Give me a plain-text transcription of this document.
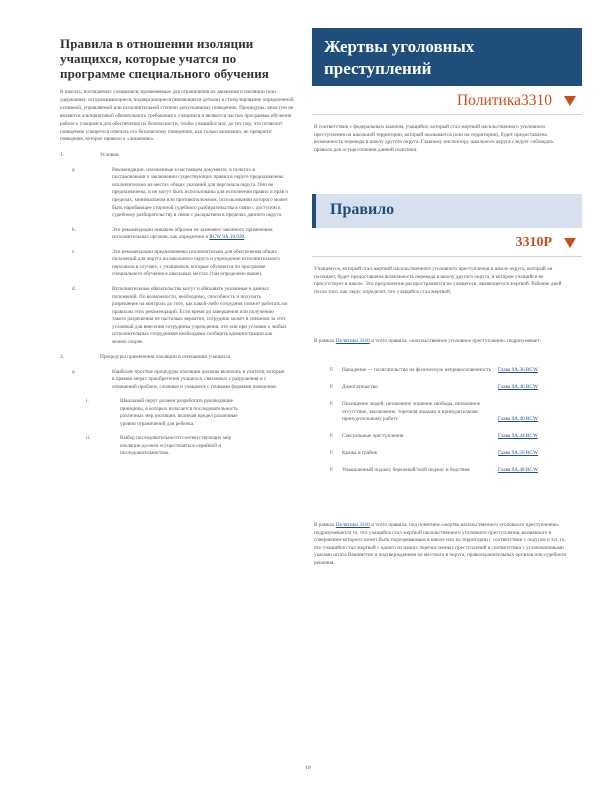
Правила в отношении изоляции учащихся, которые учатся по программе специального обучения

В школах, посещаемых учащимися, применяемые для ограничения их движения и изоляции (или удержания), отгораживающиеся, подвергающиеся (являющиеся детьми) в стимулирование определенной, основной, управляемой или исполнительной степени допускаемому поведению. Процедуры, зачастую не являются альтернативой обязательного требования к учащимся и являются частью программы обучения работе к учащимся для обеспечения их безопасности, чтобы учащийся мог, до тех пор, что позволит поведению учащегося отвечать его безопасному поведению, как только возможно, не превратит поведение, которое привело к «лишению».

1.	Условия
a.	Рекомендации, изложенные в настоящем документе, в пунктах-в постановлении о заключении существующих правил в округе предназначены исключительно на местах общих указаний для персонала округа. Они не предназначены, и не могут быть использованы для исполнения правил и прав о пределах, минимальном или противоположном, использовании которого может быть наробающее стороной судебного разбирательства в связи с доступом к судебному разбирательству в связи с раскрытием в пределах данного округа.
b.	Эти рекомендации никаким образом не заменяют законного применения исполнительных органов, как определено в RCW 9A.16.020.
c.	Эти рекомендации предназначены исключительно для обеспечения общих положений для округа на школьного округа и учреждение исполнительного персонала в случаях, с учащимися, которые обучаются по программе специального обучения в школьных местах (там определено выше).
d.	Исполнительные обязательства могут и обязывать указанные в данных положений. По возможности, необходимо, способность и получить разрешение на контроль до того, как какой-либо сотрудник сможет работать по правилам этих рекомендаций. Если время до завершения или получению такого разрешения не настолько вероятно, сотрудник может в спешном за этот условный для внесения сотрудника учреждения, что они при условии о любых исполнительных сотрудников необходимо сообщить администрации как можно скорее.
2.	Процедуры применения изоляции в отношении учащихся
a.	Наиболее простые процедуры изоляции должны включать в учителя, которые в прямом мерах приобретения учащихся, связанных с разрушения и с отношений проблем, сложные и учащиеся с точными формами поведения.
i.	Школьный округ должен разработать руководящие принципы, в которых излагается последовательность различных мер изоляции, включая предел различные уровни ограничений для ребенка.
ii.	Выбор последовательности соответствующих мер изоляции должен осуществляться серийной и последовательностью.
Жертвы уголовных преступлений
Политика3310

В соответствии с федеральным законом, учащийся, который стал жертвой насильственного уголовного преступления на школьной территории, который оказывается (или на территории), будет предоставлена возможность перевода в школу другого округа. Главному инспектору школьного округа следует соблюдать правила для осуществления данной политики.

Правило
3310P

Учащемуся, который стал жертвой насильственного уголовного преступления в школе округа, который он посещает, будет предоставлена возможность перевода в школу другого округа, в котором учащийся не присутствует в школе. Это предложение распространяется на учащегося, являющегося жертвой. Рабочие дней после того, как округ определит, что учащийся стал жертвой.

В рамках Политики 3310 и этого правила, «насильственное уголовное преступление» подразумевает:

F	Нападение — посягательство на физическую неприкосновенность	Глава 9A.36 RCW
F	Домогательство	Глава 9A.46 RCW
F	Похищение людей, незаконное лишение свободы, незаконное отсутствие, заключение, торговля людьми и принудительная принудительному работу	Глава 9A.40 RCW
F	Сексуальные преступления	Глава 9A.44 RCW
F	Кража и грабеж	Глава 9A.56 RCW
F	Умышленный поджог, бережный/злой поджог и бедствия	Глава 9A.48 RCW

В рамках Политики 3310 и этого правила, под понятием «жертва насильственного уголовного преступления» подразумевается то, что учащийся стал жертвой насильственного уголовного преступления, вызванного в совершении которого может быть подозреваемым в школе или на территории с соответствии с округом и т.п. то, что учащийся стал жертвой с одного из наших перечисленных преступлений в соответствии с установленными указами штата Вашингтон и подтверждением на местного в округа, правоохранительных органов или судебного решения.

18
